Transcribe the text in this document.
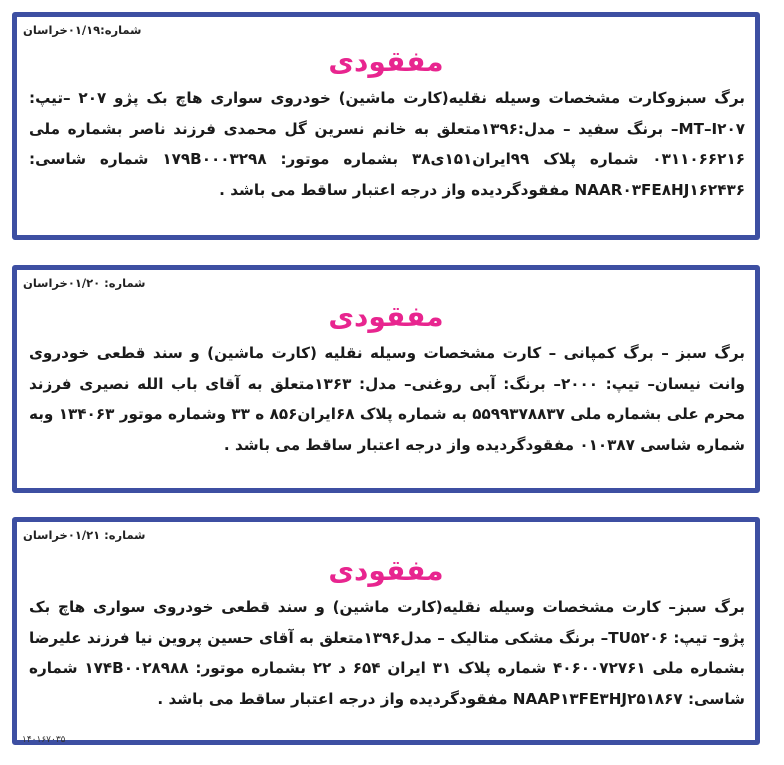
شماره:۰۱/۱۹خراسان
مفقودی
برگ سبزوکارت مشخصات وسیله نقلیه(کارت ماشین) خودروی سواری هاچ بک پژو ۲۰۷ –تیپ: MT–I۲۰۷– برنگ سفید – مدل:۱۳۹۶متعلق به خانم نسرین گل محمدی فرزند ناصر بشماره ملی ۰۳۱۱۰۶۶۲۱۶ شماره پلاک ۹۹ایران۱۵۱ی۳۸ بشماره موتور: ۱۷۹B۰۰۰۳۲۹۸ شماره شاسی: NAAR۰۳FE۸HJ۱۶۲۴۳۶ مفقودگردیده واز درجه اعتبار ساقط می باشد .
شماره: ۰۱/۲۰خراسان
مفقودی
برگ سبز – برگ کمپانی – کارت مشخصات وسیله نقلیه (کارت ماشین) و سند قطعی خودروی وانت نیسان– تیپ: ۲۰۰۰– برنگ: آبی روغنی– مدل: ۱۳۶۳متعلق به آقای باب الله نصیری فرزند محرم علی بشماره ملی ۵۵۹۹۳۷۸۸۳۷ به شماره پلاک ۶۸ایران۸۵۶ ه ۳۳ وشماره موتور ۱۳۴۰۶۳ وبه شماره شاسی ۰۱۰۳۸۷ مفقودگردیده واز درجه اعتبار ساقط می باشد .
شماره: ۰۱/۲۱خراسان
مفقودی
برگ سبز– کارت مشخصات وسیله نقلیه(کارت ماشین) و سند قطعی خودروی سواری هاچ بک پژو– تیپ: TU۵۲۰۶– برنگ مشکی متالیک – مدل۱۳۹۶متعلق به آقای حسین پروین نیا فرزند علیرضا بشماره ملی ۴۰۶۰۰۷۲۷۶۱ شماره پلاک ۳۱ ایران ۶۵۴ د ۲۲ بشماره موتور: ۱۷۴B۰۰۲۸۹۸۸ شماره شاسی: NAAP۱۳FE۳HJ۲۵۱۸۶۷ مفقودگردیده واز درجه اعتبار ساقط می باشد .
۱۴۰۱۶۷۰۳۵
